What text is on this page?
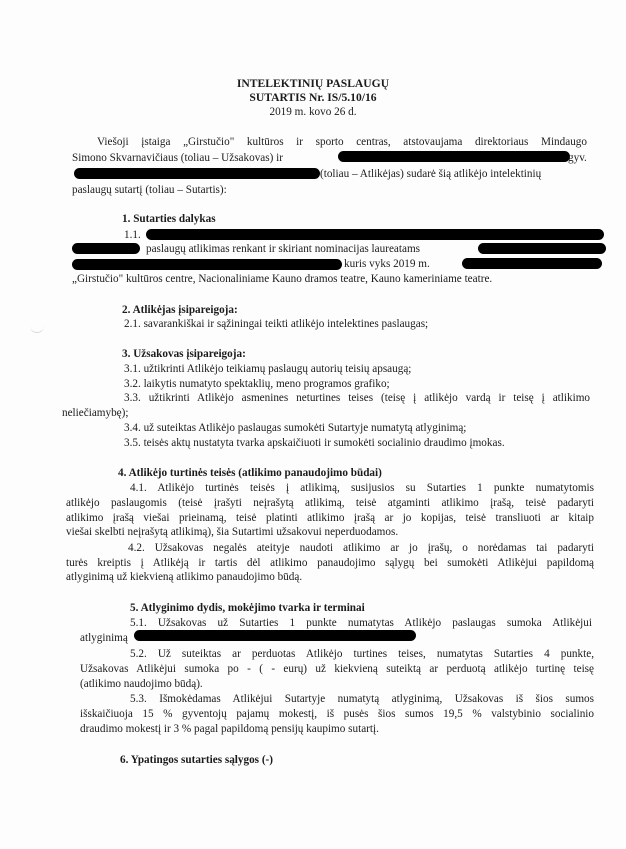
INTELEKTINIŲ PASLAUGŲ
SUTARTIS Nr. IS/5.10/16
2019 m. kovo 26 d.
Viešoji įstaiga „Girstučio" kultūros ir sporto centras, atstovaujama direktoriaus Mindaugo
Simono Skvarnavičiaus (toliau – Užsakovas) ir	gyv.
(toliau – Atlikėjas) sudarė šią atlikėjo intelektinių
paslaugų sutartį (toliau – Sutartis):
1. Sutarties dalykas
1.1.
paslaugų atlikimas renkant ir skiriant nominacijas laureatams
kuris vyks 2019 m.
„Girstučio" kultūros centre, Nacionaliniame Kauno dramos teatre, Kauno kameriniame teatre.
2. Atlikėjas įsipareigoja:
2.1. savarankiškai ir sąžiningai teikti atlikėjo intelektines paslaugas;
3. Užsakovas įsipareigoja:
3.1. užtikrinti Atlikėjo teikiamų paslaugų autorių teisių apsaugą;
3.2. laikytis numatyto spektaklių, meno programos grafiko;
3.3. užtikrinti Atlikėjo asmenines neturtines teises (teisę į atlikėjo vardą ir teisę į atlikimo
neliečiamybę);
3.4. už suteiktas Atlikėjo paslaugas sumokėti Sutartyje numatytą atlyginimą;
3.5. teisės aktų nustatyta tvarka apskaičiuoti ir sumokėti socialinio draudimo įmokas.
4. Atlikėjo turtinės teisės (atlikimo panaudojimo būdai)
4.1. Atlikėjo turtinės teisės į atlikimą, susijusios su Sutarties 1 punkte numatytomis
atlikėjo paslaugomis (teisė įrašyti neįrašytą atlikimą, teisė atgaminti atlikimo įrašą, teisė padaryti
atlikimo įrašą viešai prieinamą, teisė platinti atlikimo įrašą ar jo kopijas, teisė transliuoti ar kitaip
viešai skelbti neįrašytą atlikimą), šia Sutartimi užsakovui neperduodamos.
4.2. Užsakovas negalės ateityje naudoti atlikimo ar jo įrašų, o norėdamas tai padaryti
turės kreiptis į Atlikėją ir tartis dėl atlikimo panaudojimo sąlygų bei sumokėti Atlikėjui papildomą
atlyginimą už kiekvieną atlikimo panaudojimo būdą.
5. Atlyginimo dydis, mokėjimo tvarka ir terminai
5.1. Užsakovas už Sutarties 1 punkte numatytas Atlikėjo paslaugas sumoka Atlikėjui
atlyginimą
5.2. Už suteiktas ar perduotas Atlikėjo turtines teises, numatytas Sutarties 4 punkte,
Užsakovas Atlikėjui sumoka po - ( - eurų) už kiekvieną suteiktą ar perduotą atlikėjo turtinę teisę
(atlikimo naudojimo būdą).
5.3. Išmokėdamas Atlikėjui Sutartyje numatytą atlyginimą, Užsakovas iš šios sumos
išskaičiuoja 15 % gyventojų pajamų mokestį, iš pusės šios sumos 19,5 % valstybinio socialinio
draudimo mokestį ir 3 % pagal papildomą pensijų kaupimo sutartį.
6. Ypatingos sutarties sąlygos (-)
